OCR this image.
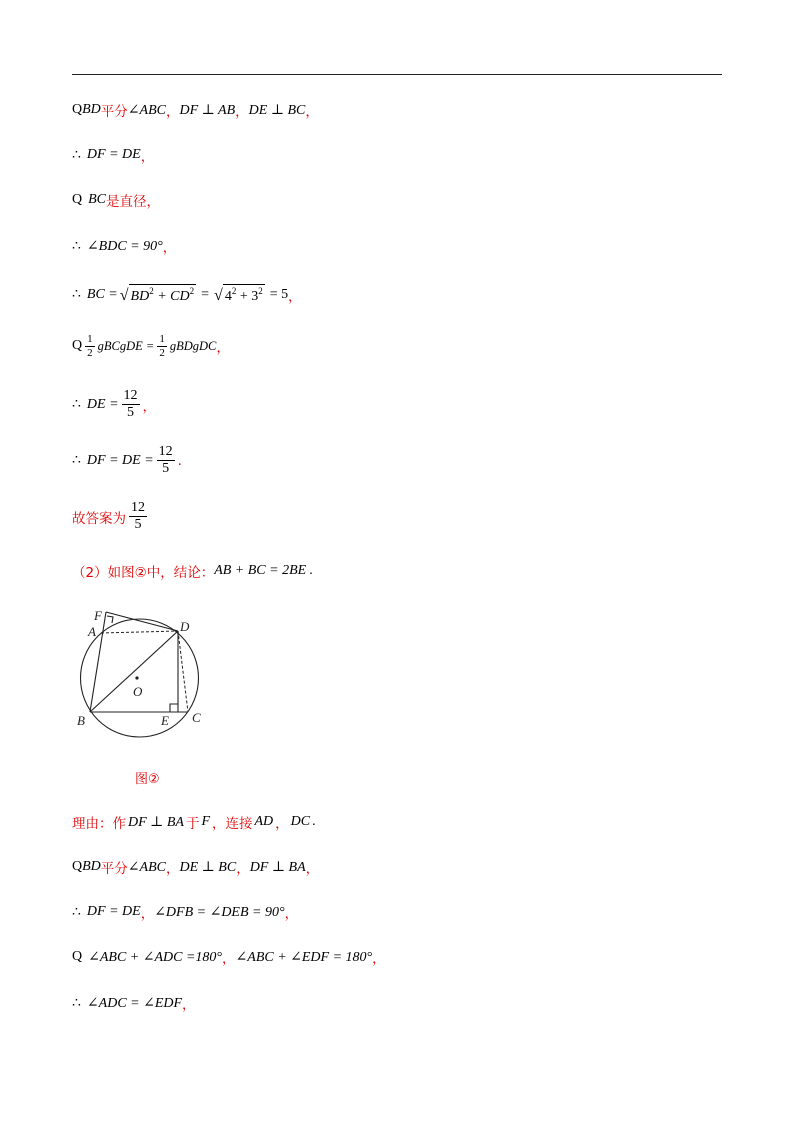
Q BD 平分 ∠ABC ， DF ⊥ AB ， DE ⊥ BC ，
∴ DF = DE ，
Q BC 是直径，
∴ ∠BDC = 90° ，
∴ BC = √ $BD^2 + CD^2$ = √ $4^2 + 3^2 = 5$ ，
Q $\frac{1}{2}$ gBCgDE = $\frac{1}{2}$ gBDgDC ，
∴ DE = $\frac{12}{5}$ ，
∴ DF = DE = $\frac{12}{5}$ .
故答案为 $\frac{12}{5}$
（2）如图②中，结论： AB + BC = 2BE .
F
A	D
O
B	E C
图②
理由：作 DF ⊥ BA 于 F ，连接 AD ， DC .
Q BD 平分 ∠ABC ， DE ⊥ BC ， DF ⊥ BA ，
∴ DF = DE ， ∠DFB = ∠DEB = 90° ，
Q ∠ABC + ∠ADC =180° ， ∠ABC + ∠EDF = 180° ，
∴ ∠ADC = ∠EDF ，
